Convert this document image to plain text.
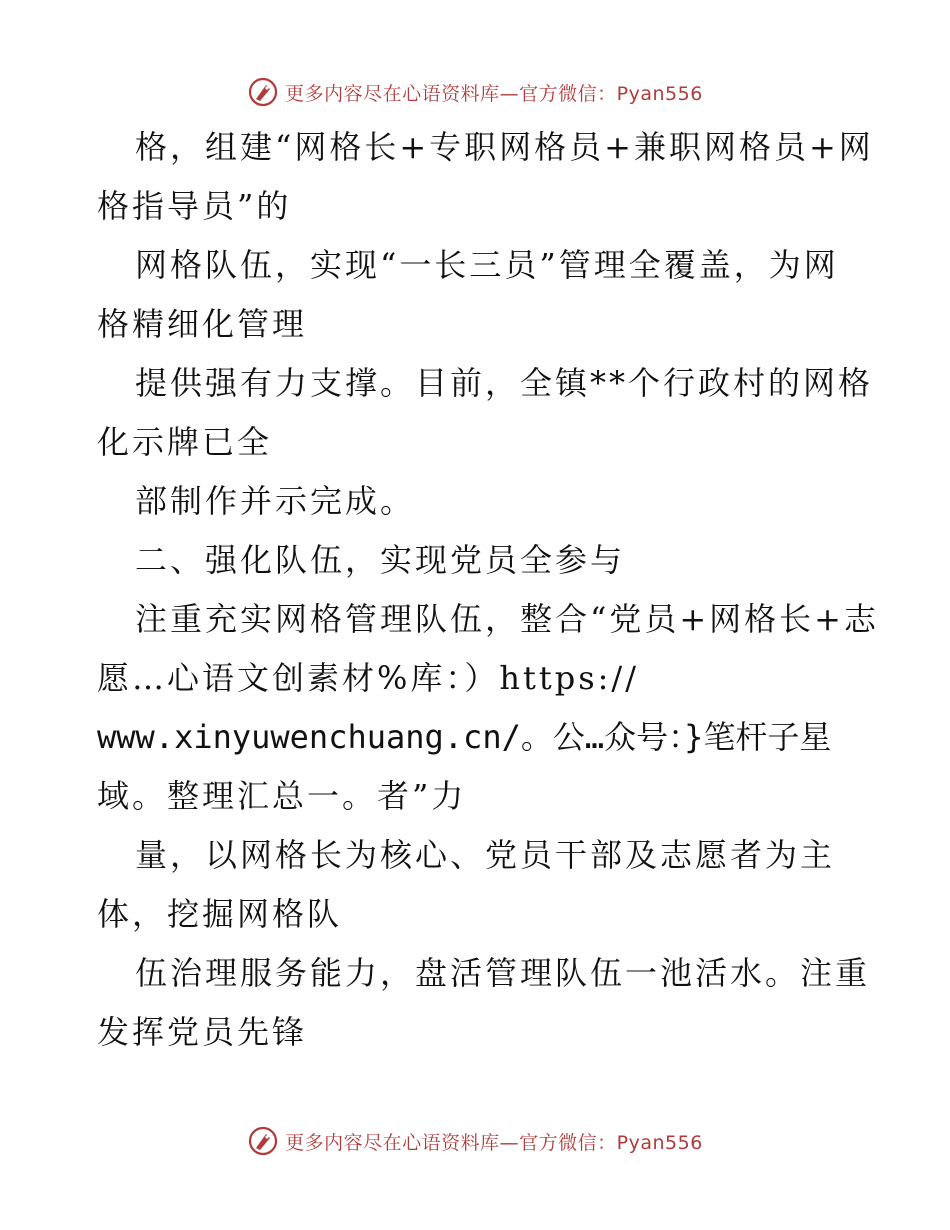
更多内容尽在心语资料库—官方微信：Pyan556
格，组建“网格长+专职网格员+兼职网格员+网
格指导员”的
网格队伍，实现“一长三员”管理全覆盖，为网
格精细化管理
提供强有力支撑。目前，全镇**个行政村的网格
化示牌已全
部制作并示完成。
二、强化队伍，实现党员全参与
注重充实网格管理队伍，整合“党员+网格长+志
愿…心语文创素材%库：）https://
www.xinyuwenchuang.cn/。公…众号：}笔杆子星
域。整理汇总一。者”力
量，以网格长为核心、党员干部及志愿者为主
体，挖掘网格队
伍治理服务能力，盘活管理队伍一池活水。注重
发挥党员先锋
更多内容尽在心语资料库—官方微信：Pyan556
